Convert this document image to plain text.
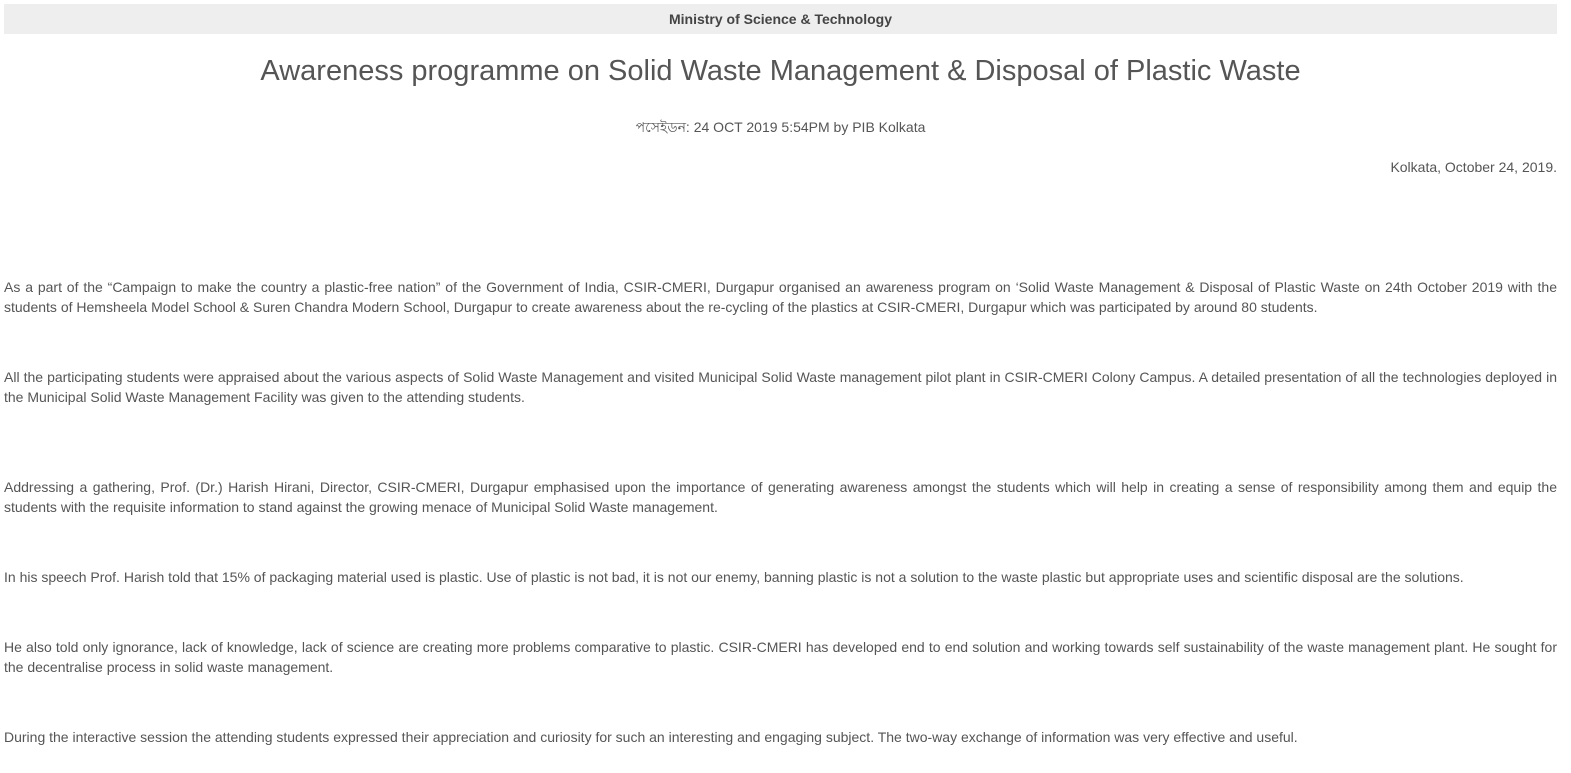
Ministry of Science & Technology
Awareness programme on Solid Waste Management & Disposal of Plastic Waste
পসেইডন: 24 OCT 2019 5:54PM by PIB Kolkata
Kolkata, October 24, 2019.

As a part of the “Campaign to make the country a plastic-free nation” of the Government of India, CSIR-CMERI, Durgapur organised an awareness program on ‘Solid Waste Management & Disposal of Plastic Waste on 24th October 2019 with the students of Hemsheela Model School & Suren Chandra Modern School, Durgapur to create awareness about the re-cycling of the plastics at CSIR-CMERI, Durgapur which was participated by around 80 students.

All the participating students were appraised about the various aspects of Solid Waste Management and visited Municipal Solid Waste management pilot plant in CSIR-CMERI Colony Campus. A detailed presentation of all the technologies deployed in the Municipal Solid Waste Management Facility was given to the attending students.

Addressing a gathering, Prof. (Dr.) Harish Hirani, Director, CSIR-CMERI, Durgapur emphasised upon the importance of generating awareness amongst the students which will help in creating a sense of responsibility among them and equip the students with the requisite information to stand against the growing menace of Municipal Solid Waste management.

In his speech Prof. Harish told that 15% of packaging material used is plastic. Use of plastic is not bad, it is not our enemy, banning plastic is not a solution to the waste plastic but appropriate uses and scientific disposal are the solutions.

He also told only ignorance, lack of knowledge, lack of science are creating more problems comparative to plastic. CSIR-CMERI has developed end to end solution and working towards self sustainability of the waste management plant. He sought for the decentralise process in solid waste management.

During the interactive session the attending students expressed their appreciation and curiosity for such an interesting and engaging subject. The two-way exchange of information was very effective and useful.
